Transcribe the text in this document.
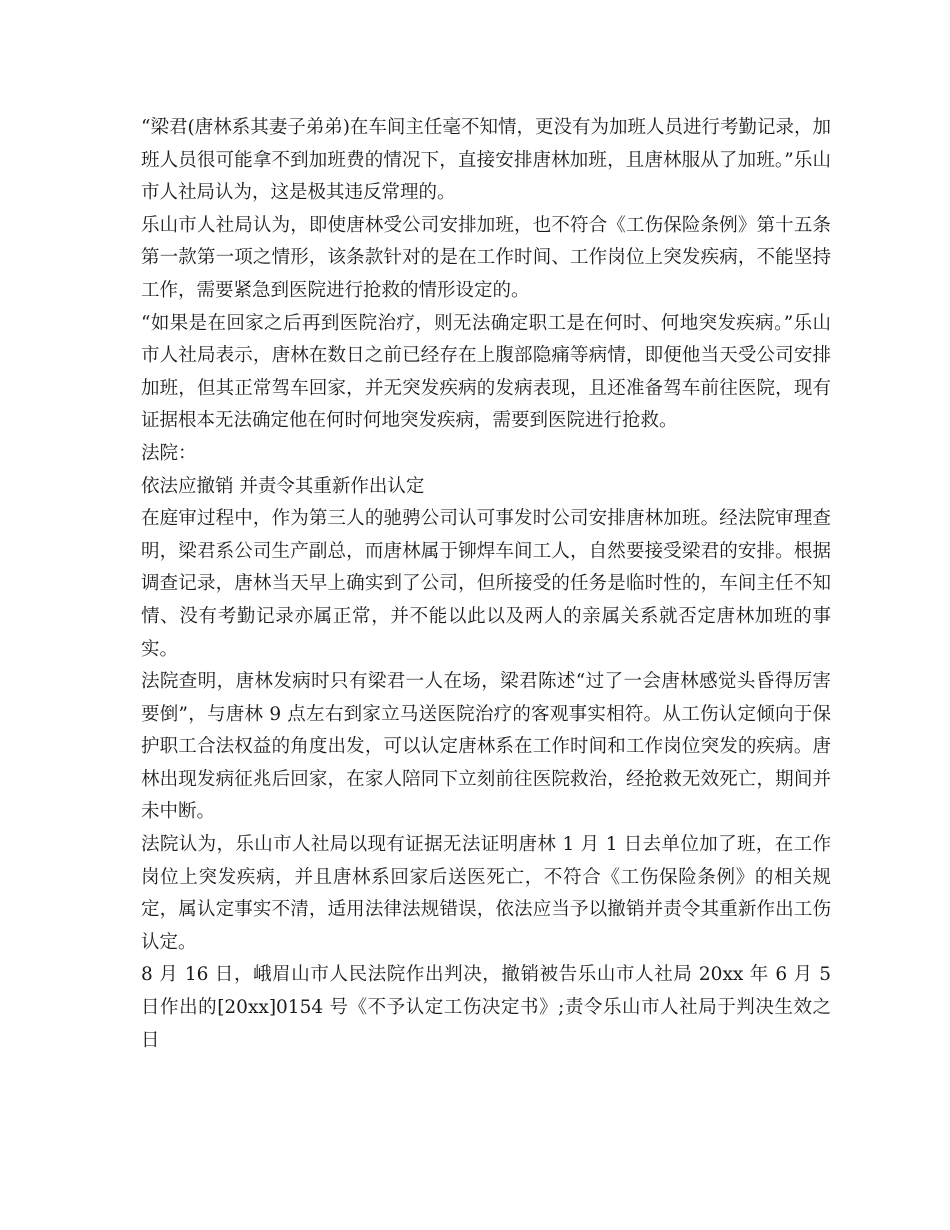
“梁君(唐林系其妻子弟弟)在车间主任毫不知情，更没有为加班人员进行考勤记录，加班人员很可能拿不到加班费的情况下，直接安排唐林加班，且唐林服从了加班。”乐山市人社局认为，这是极其违反常理的。

乐山市人社局认为，即使唐林受公司安排加班，也不符合《工伤保险条例》第十五条第一款第一项之情形，该条款针对的是在工作时间、工作岗位上突发疾病，不能坚持工作，需要紧急到医院进行抢救的情形设定的。

“如果是在回家之后再到医院治疗，则无法确定职工是在何时、何地突发疾病。”乐山市人社局表示，唐林在数日之前已经存在上腹部隐痛等病情，即便他当天受公司安排加班，但其正常驾车回家，并无突发疾病的发病表现，且还准备驾车前往医院，现有证据根本无法确定他在何时何地突发疾病，需要到医院进行抢救。

法院：

依法应撤销 并责令其重新作出认定

在庭审过程中，作为第三人的驰骋公司认可事发时公司安排唐林加班。经法院审理查明，梁君系公司生产副总，而唐林属于铆焊车间工人，自然要接受梁君的安排。根据调查记录，唐林当天早上确实到了公司，但所接受的任务是临时性的，车间主任不知情、没有考勤记录亦属正常，并不能以此以及两人的亲属关系就否定唐林加班的事实。

法院查明，唐林发病时只有梁君一人在场，梁君陈述“过了一会唐林感觉头昏得厉害要倒”，与唐林 9 点左右到家立马送医院治疗的客观事实相符。从工伤认定倾向于保护职工合法权益的角度出发，可以认定唐林系在工作时间和工作岗位突发的疾病。唐林出现发病征兆后回家，在家人陪同下立刻前往医院救治，经抢救无效死亡，期间并未中断。

法院认为，乐山市人社局以现有证据无法证明唐林 1 月 1 日去单位加了班，在工作岗位上突发疾病，并且唐林系回家后送医死亡，不符合《工伤保险条例》的相关规定，属认定事实不清，适用法律法规错误，依法应当予以撤销并责令其重新作出工伤认定。

8 月 16 日，峨眉山市人民法院作出判决，撤销被告乐山市人社局 20xx 年 6 月 5 日作出的[20xx]0154 号《不予认定工伤决定书》;责令乐山市人社局于判决生效之日
